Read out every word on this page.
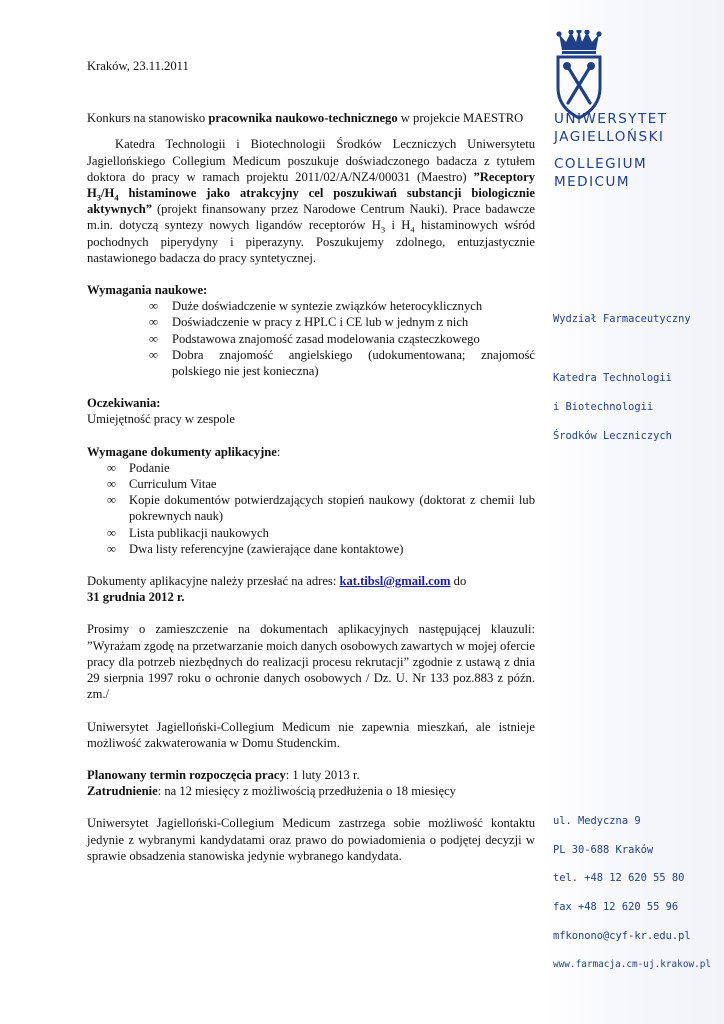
UNIWERSYTET
JAGIELLOŃSKI
COLLEGIUM
MEDICUM
Wydział Farmaceutyczny
Katedra Technologii
i Biotechnologii
Środków Leczniczych
ul. Medyczna 9
PL 30-688 Kraków
tel. +48 12 620 55 80
fax +48 12 620 55 96
mfkonono@cyf-kr.edu.pl
www.farmacja.cm-uj.krakow.pl

Kraków, 23.11.2011

Konkurs na stanowisko pracownika naukowo-technicznego w projekcie MAESTRO

Katedra Technologii i Biotechnologii Środków Leczniczych Uniwersytetu Jagiellońskiego Collegium Medicum poszukuje doświadczonego badacza z tytułem doktora do pracy w ramach projektu 2011/02/A/NZ4/00031 (Maestro) ”Receptory $H_3/H_4$ histaminowe jako atrakcyjny cel poszukiwań substancji biologicznie aktywnych” (projekt finansowany przez Narodowe Centrum Nauki). Prace badawcze m.in. dotyczą syntezy nowych ligandów receptorów $H_3$ i $H_4$ histaminowych wśród pochodnych piperydyny i piperazyny. Poszukujemy zdolnego, entuzjastycznie nastawionego badacza do pracy syntetycznej.

Wymagania naukowe:

∞ Duże doświadczenie w syntezie związków heterocyklicznych
∞ Doświadczenie w pracy z HPLC i CE lub w jednym z nich
∞ Podstawowa znajomość zasad modelowania cząsteczkowego
∞ Dobra znajomość angielskiego (udokumentowana; znajomość polskiego nie jest konieczna)

Oczekiwania:

Umiejętność pracy w zespole

Wymagane dokumenty aplikacyjne:

∞ Podanie
∞ Curriculum Vitae
∞ Kopie dokumentów potwierdzających stopień naukowy (doktorat z chemii lub pokrewnych nauk)
∞ Lista publikacji naukowych
∞ Dwa listy referencyjne (zawierające dane kontaktowe)

Dokumenty aplikacyjne należy przesłać na adres: kat.tibsl@gmail.com do

31 grudnia 2012 r.

Prosimy o zamieszczenie na dokumentach aplikacyjnych następującej klauzuli: ”Wyrażam zgodę na przetwarzanie moich danych osobowych zawartych w mojej ofercie pracy dla potrzeb niezbędnych do realizacji procesu rekrutacji” zgodnie z ustawą z dnia 29 sierpnia 1997 roku o ochronie danych osobowych / Dz. U. Nr 133 poz.883 z późn. zm./

Uniwersytet Jagielloński-Collegium Medicum nie zapewnia mieszkań, ale istnieje możliwość zakwaterowania w Domu Studenckim.

Planowany termin rozpoczęcia pracy: 1 luty 2013 r.

Zatrudnienie: na 12 miesięcy z możliwością przedłużenia o 18 miesięcy

Uniwersytet Jagielloński-Collegium Medicum zastrzega sobie możliwość kontaktu jedynie z wybranymi kandydatami oraz prawo do powiadomienia o podjętej decyzji w sprawie obsadzenia stanowiska jedynie wybranego kandydata.
